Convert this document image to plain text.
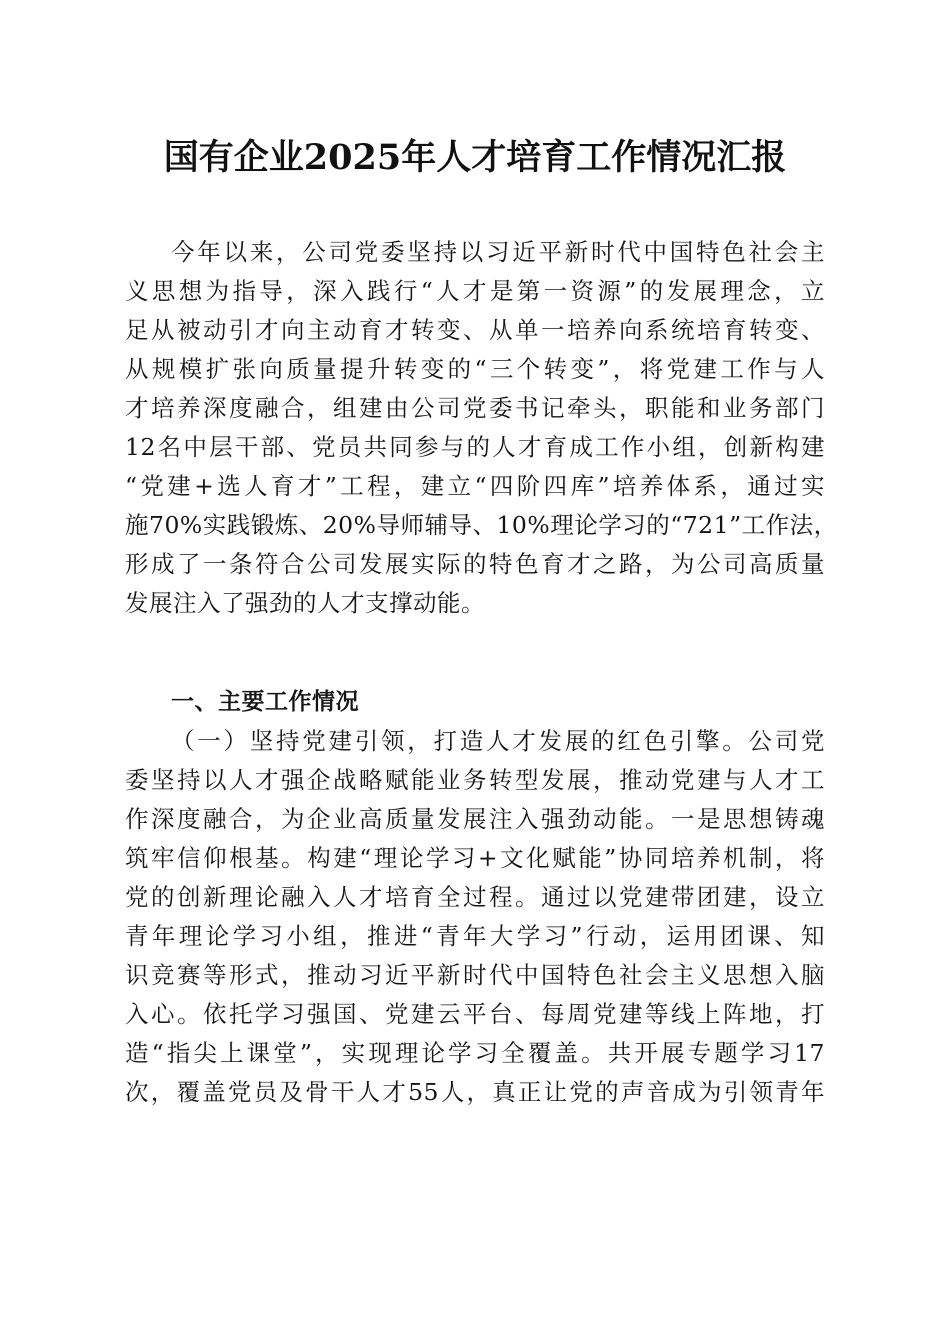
国有企业2025年人才培育工作情况汇报
今年以来，公司党委坚持以习近平新时代中国特色社会主
义思想为指导，深入践行“人才是第一资源”的发展理念，立
足从被动引才向主动育才转变、从单一培养向系统培育转变、
从规模扩张向质量提升转变的“三个转变”，将党建工作与人
才培养深度融合，组建由公司党委书记牵头，职能和业务部门
12名中层干部、党员共同参与的人才育成工作小组，创新构建
“党建+选人育才”工程，建立“四阶四库”培养体系，通过实
施70%实践锻炼、20%导师辅导、10%理论学习的“721”工作法，
形成了一条符合公司发展实际的特色育才之路，为公司高质量
发展注入了强劲的人才支撑动能。
一、主要工作情况
（一）坚持党建引领，打造人才发展的红色引擎。公司党
委坚持以人才强企战略赋能业务转型发展，推动党建与人才工
作深度融合，为企业高质量发展注入强劲动能。一是思想铸魂
筑牢信仰根基。构建“理论学习+文化赋能”协同培养机制，将
党的创新理论融入人才培育全过程。通过以党建带团建，设立
青年理论学习小组，推进“青年大学习”行动，运用团课、知
识竞赛等形式，推动习近平新时代中国特色社会主义思想入脑
入心。依托学习强国、党建云平台、每周党建等线上阵地，打
造“指尖上课堂”，实现理论学习全覆盖。共开展专题学习17
次，覆盖党员及骨干人才55人，真正让党的声音成为引领青年
